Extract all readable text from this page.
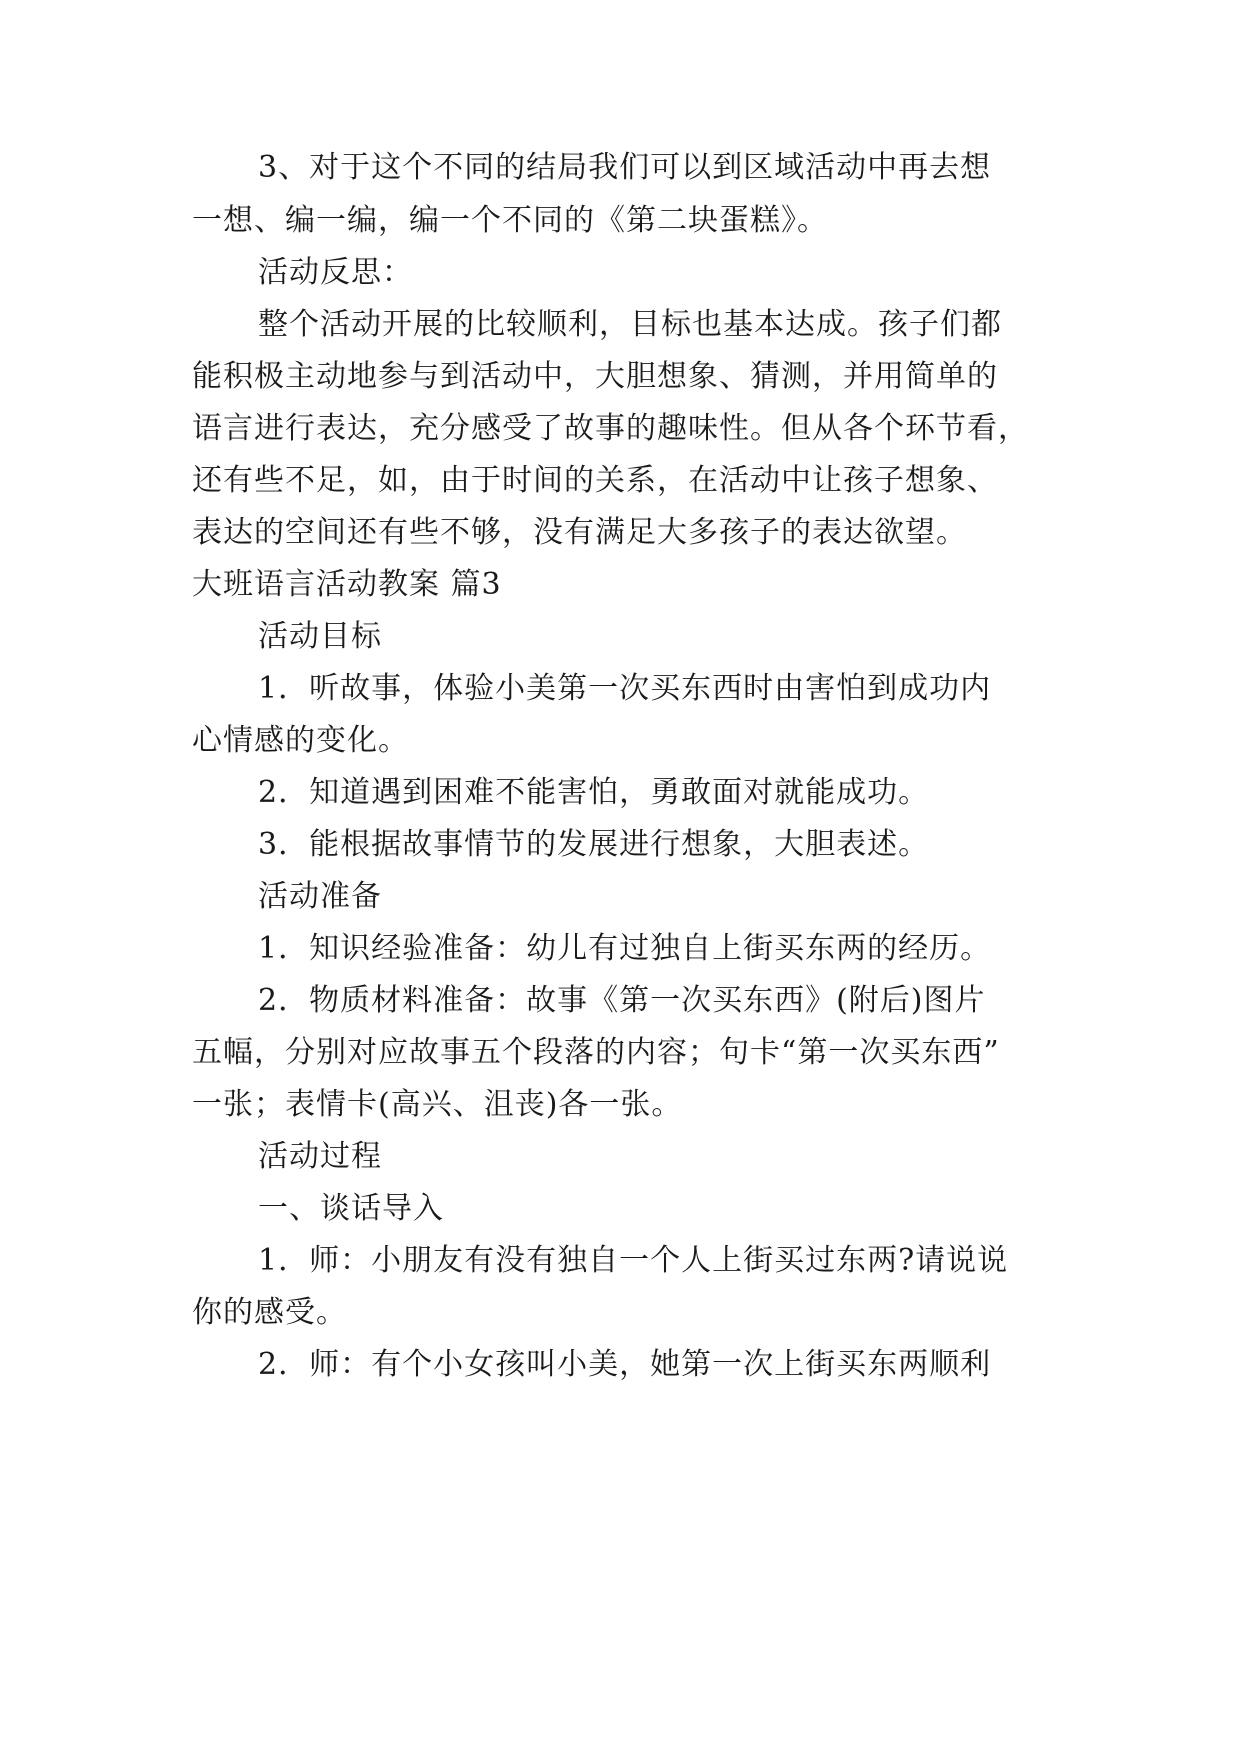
3、对于这个不同的结局我们可以到区域活动中再去想
一想、编一编，编一个不同的《第二块蛋糕》。
活动反思：
整个活动开展的比较顺利，目标也基本达成。孩子们都
能积极主动地参与到活动中，大胆想象、猜测，并用简单的
语言进行表达，充分感受了故事的趣味性。但从各个环节看，
还有些不足，如，由于时间的关系，在活动中让孩子想象、
表达的空间还有些不够，没有满足大多孩子的表达欲望。
大班语言活动教案 篇3
活动目标
1．听故事，体验小美第一次买东西时由害怕到成功内
心情感的变化。
2．知道遇到困难不能害怕，勇敢面对就能成功。
3．能根据故事情节的发展进行想象，大胆表述。
活动准备
1．知识经验准备：幼儿有过独自上街买东两的经历。
2．物质材料准备：故事《第一次买东西》(附后)图片
五幅，分别对应故事五个段落的内容；句卡“第一次买东西”
一张；表情卡(高兴、沮丧)各一张。
活动过程
一、谈话导入
1．师：小朋友有没有独自一个人上街买过东两?请说说
你的感受。
2．师：有个小女孩叫小美，她第一次上街买东两顺利
